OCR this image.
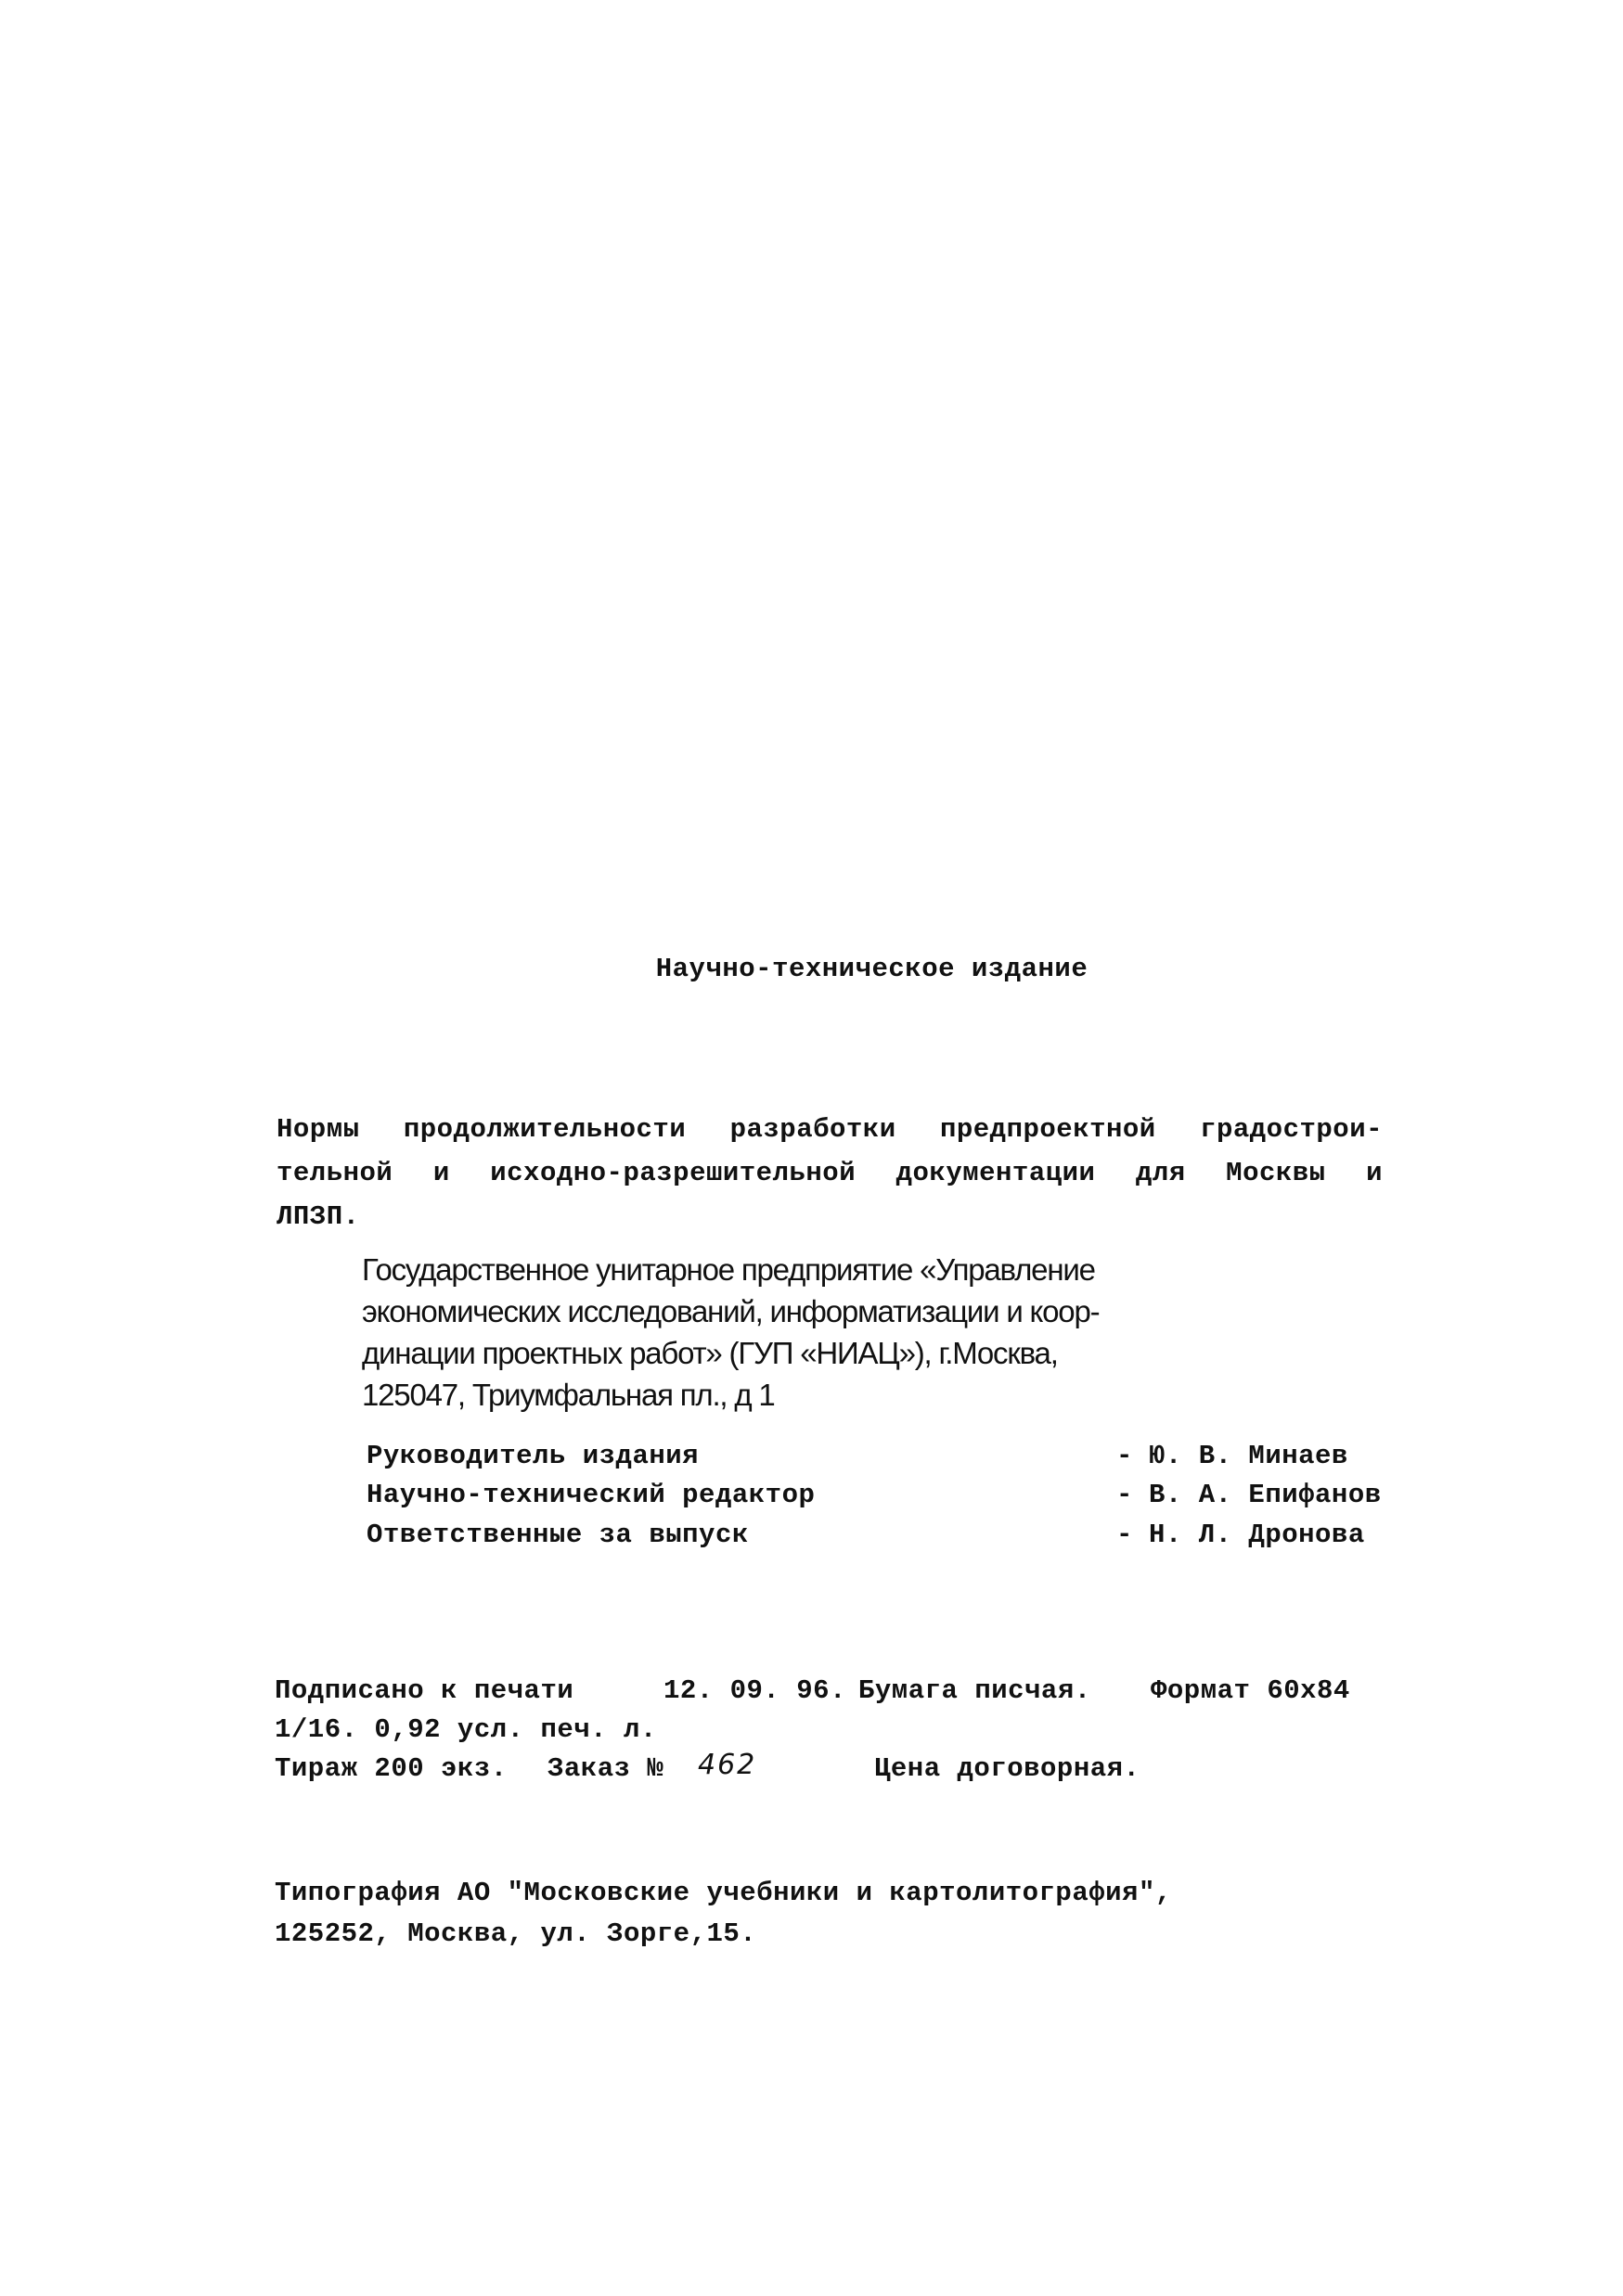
Научно-техническое издание
Нормы продолжительности разработки предпроектной градострои-
тельной и исходно-разрешительной документации для Москвы и
ЛПЗП.
Государственное унитарное предприятие «Управление
экономических исследований, информатизации и коор-
динации проектных работ» (ГУП «НИАЦ»), г.Москва,
125047, Триумфальная пл., д 1
Руководитель издания	- Ю. В. Минаев
Научно-технический редактор	- В. А. Епифанов
Ответственные за выпуск	- Н. Л. Дронова
Подписано к печати	12. 09. 96. Бумага писчая. Формат 60х84
1/16. 0,92 усл. печ. л.
Тираж 200 экз. Заказ № 462	Цена договорная.
Типография АО "Московские учебники и картолитография",
125252, Москва, ул. Зорге,15.
